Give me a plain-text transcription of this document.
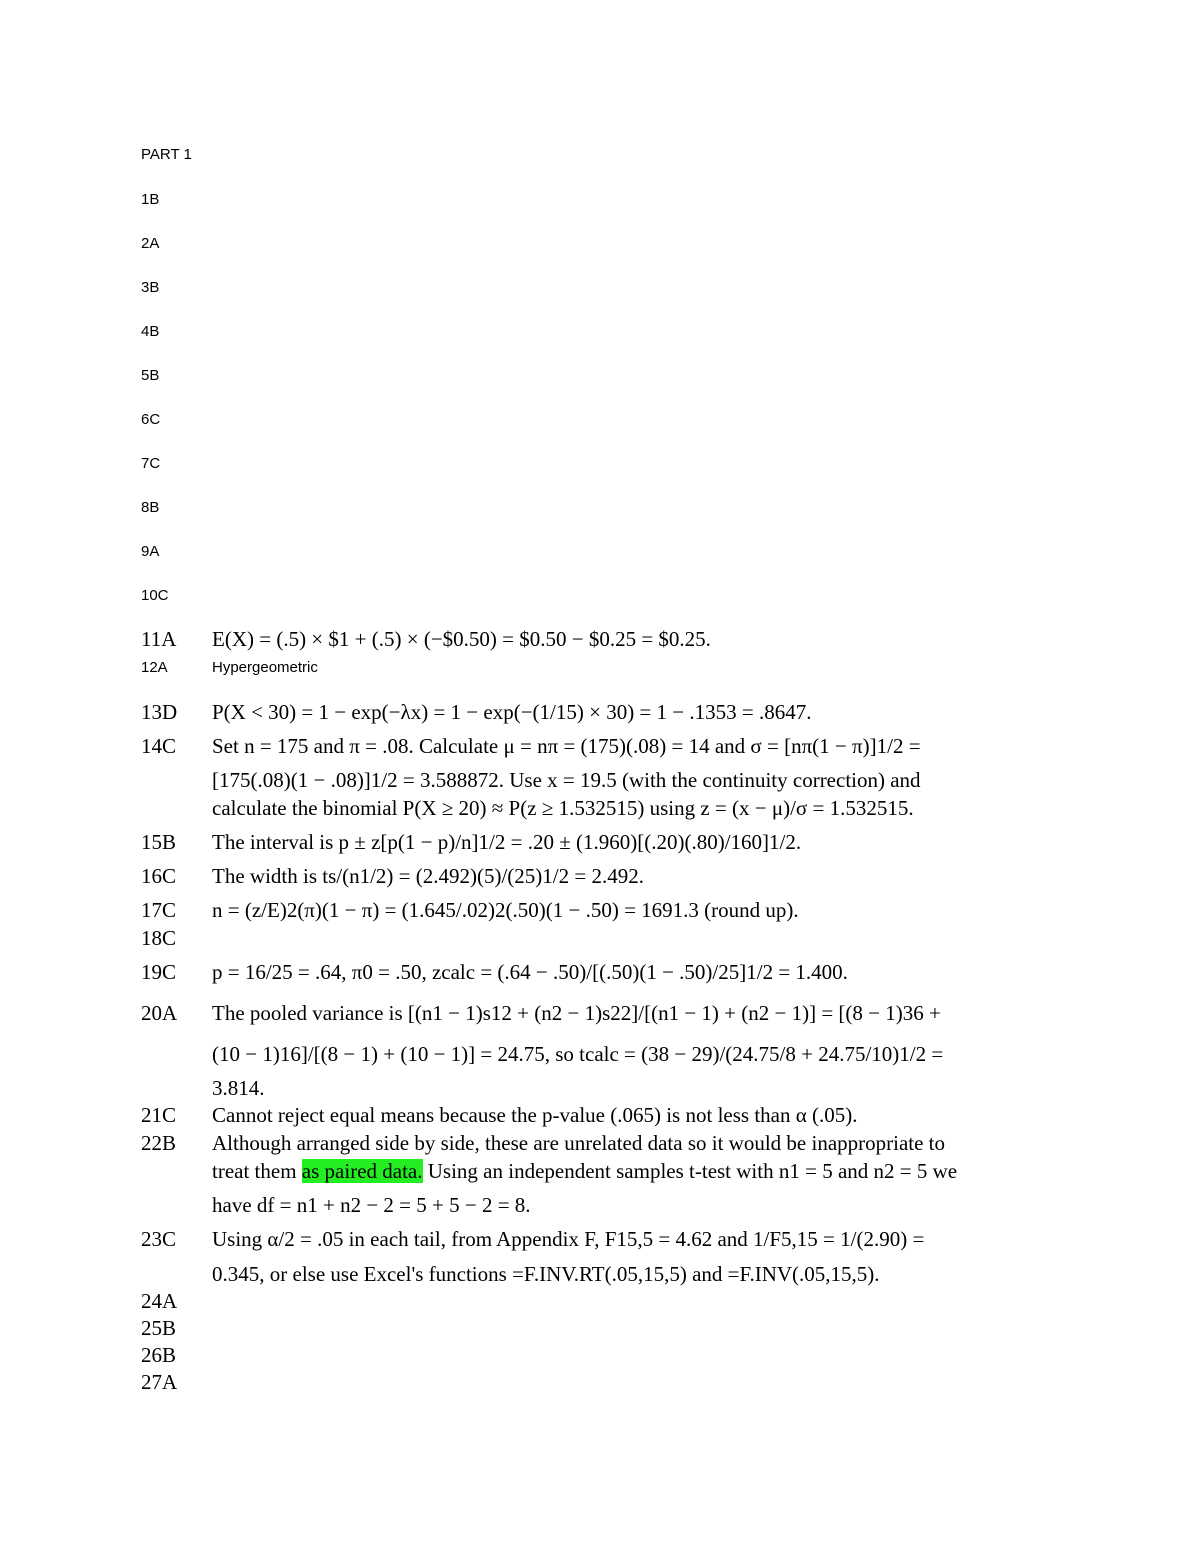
PART 1
1B
2A
3B
4B
5B
6C
7C
8B
9A
10C
11A E(X) = (.5) × $1 + (.5) × (−$0.50) = $0.50 − $0.25 = $0.25.
12A	Hypergeometric
13D P(X < 30) = 1 − exp(−λx) = 1 − exp(−(1/15) × 30) = 1 − .1353 = .8647.
14C Set n = 175 and π = .08. Calculate μ = nπ = (175)(.08) = 14 and σ = [nπ(1 − π)]1/2 =
[175(.08)(1 − .08)]1/2 = 3.588872. Use x = 19.5 (with the continuity correction) and
calculate the binomial P(X ≥ 20) ≈ P(z ≥ 1.532515) using z = (x − μ)/σ = 1.532515.
15B The interval is p ± z[p(1 − p)/n]1/2 = .20 ± (1.960)[(.20)(.80)/160]1/2.
16C The width is ts/(n1/2) = (2.492)(5)/(25)1/2 = 2.492.
17C n = (z/E)2(π)(1 − π) = (1.645/.02)2(.50)(1 − .50) = 1691.3 (round up).
18C
19C p = 16/25 = .64, π0 = .50, zcalc = (.64 − .50)/[(.50)(1 − .50)/25]1/2 = 1.400.
20A The pooled variance is [(n1 − 1)s12 + (n2 − 1)s22]/[(n1 − 1) + (n2 − 1)] = [(8 − 1)36 +
(10 − 1)16]/[(8 − 1) + (10 − 1)] = 24.75, so tcalc = (38 − 29)/(24.75/8 + 24.75/10)1/2 =
3.814.
21C Cannot reject equal means because the p-value (.065) is not less than α (.05).
22B Although arranged side by side, these are unrelated data so it would be inappropriate to
treat them as paired data. Using an independent samples t-test with n1 = 5 and n2 = 5 we
have df = n1 + n2 − 2 = 5 + 5 − 2 = 8.
23C Using α/2 = .05 in each tail, from Appendix F, F15,5 = 4.62 and 1/F5,15 = 1/(2.90) =
0.345, or else use Excel's functions =F.INV.RT(.05,15,5) and =F.INV(.05,15,5).
24A
25B
26B
27A
